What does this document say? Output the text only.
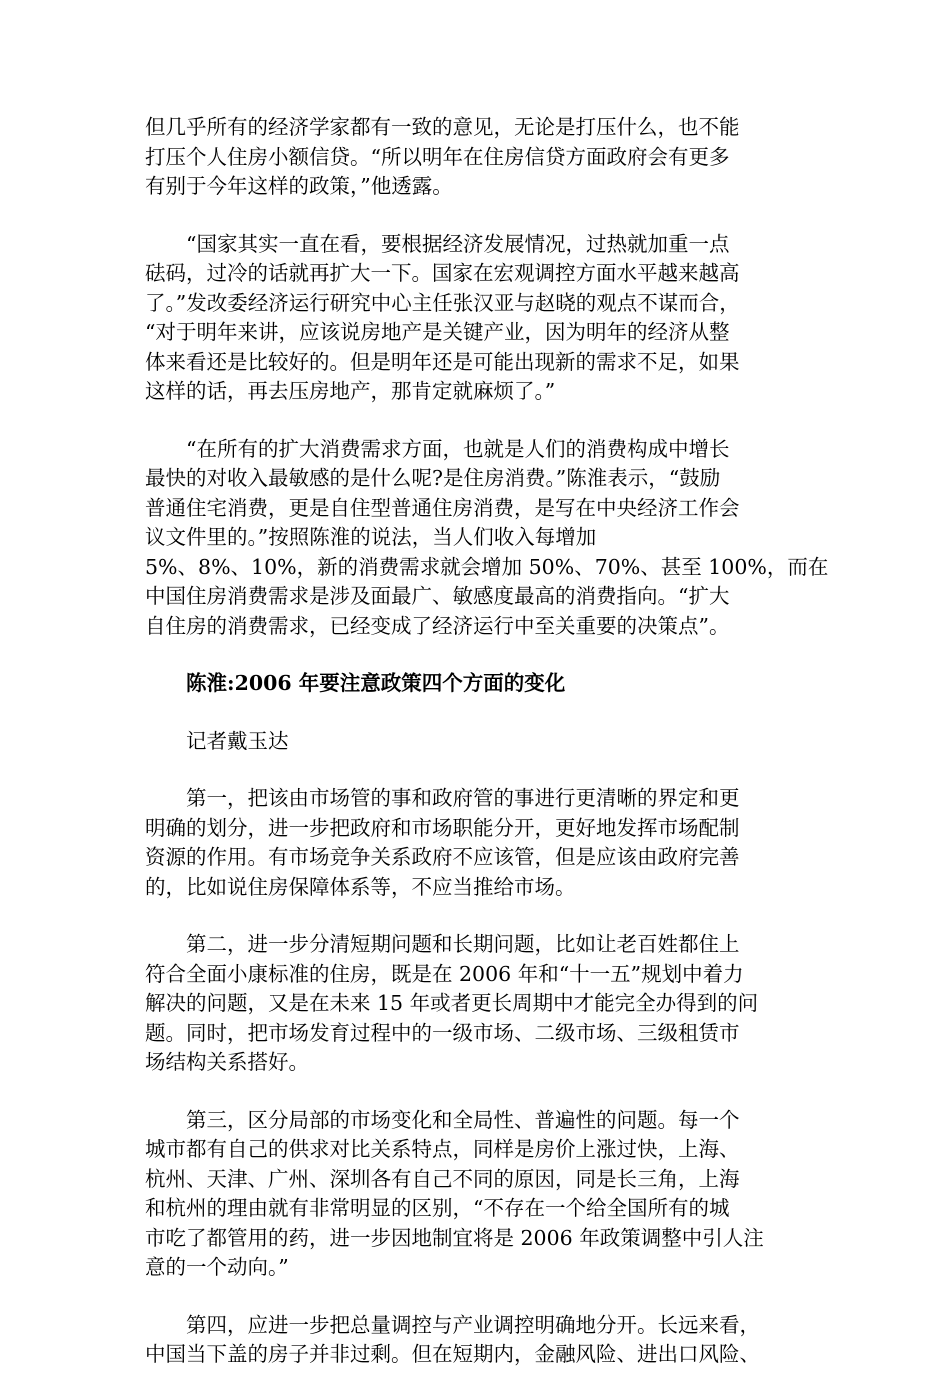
但几乎所有的经济学家都有一致的意见，无论是打压什么，也不能
打压个人住房小额信贷。“所以明年在住房信贷方面政府会有更多
有别于今年这样的政策，”他透露。
“国家其实一直在看，要根据经济发展情况，过热就加重一点
砝码，过冷的话就再扩大一下。国家在宏观调控方面水平越来越高
了。”发改委经济运行研究中心主任张汉亚与赵晓的观点不谋而合，
“对于明年来讲，应该说房地产是关键产业，因为明年的经济从整
体来看还是比较好的。但是明年还是可能出现新的需求不足，如果
这样的话，再去压房地产，那肯定就麻烦了。”
“在所有的扩大消费需求方面，也就是人们的消费构成中增长
最快的对收入最敏感的是什么呢?是住房消费。”陈淮表示，“鼓励
普通住宅消费，更是自住型普通住房消费，是写在中央经济工作会
议文件里的。”按照陈淮的说法，当人们收入每增加
5%、8%、10%，新的消费需求就会增加 50%、70%、甚至 100%，而在
中国住房消费需求是涉及面最广、敏感度最高的消费指向。“扩大
自住房的消费需求，已经变成了经济运行中至关重要的决策点”。
陈淮:2006 年要注意政策四个方面的变化
记者戴玉达
第一，把该由市场管的事和政府管的事进行更清晰的界定和更
明确的划分，进一步把政府和市场职能分开，更好地发挥市场配制
资源的作用。有市场竞争关系政府不应该管，但是应该由政府完善
的，比如说住房保障体系等，不应当推给市场。
第二，进一步分清短期问题和长期问题，比如让老百姓都住上
符合全面小康标准的住房，既是在 2006 年和“十一五”规划中着力
解决的问题，又是在未来 15 年或者更长周期中才能完全办得到的问
题。同时，把市场发育过程中的一级市场、二级市场、三级租赁市
场结构关系搭好。
第三，区分局部的市场变化和全局性、普遍性的问题。每一个
城市都有自己的供求对比关系特点，同样是房价上涨过快，上海、
杭州、天津、广州、深圳各有自己不同的原因，同是长三角，上海
和杭州的理由就有非常明显的区别，“不存在一个给全国所有的城
市吃了都管用的药，进一步因地制宜将是 2006 年政策调整中引人注
意的一个动向。”
第四，应进一步把总量调控与产业调控明确地分开。长远来看，
中国当下盖的房子并非过剩。但在短期内，金融风险、进出口风险、
